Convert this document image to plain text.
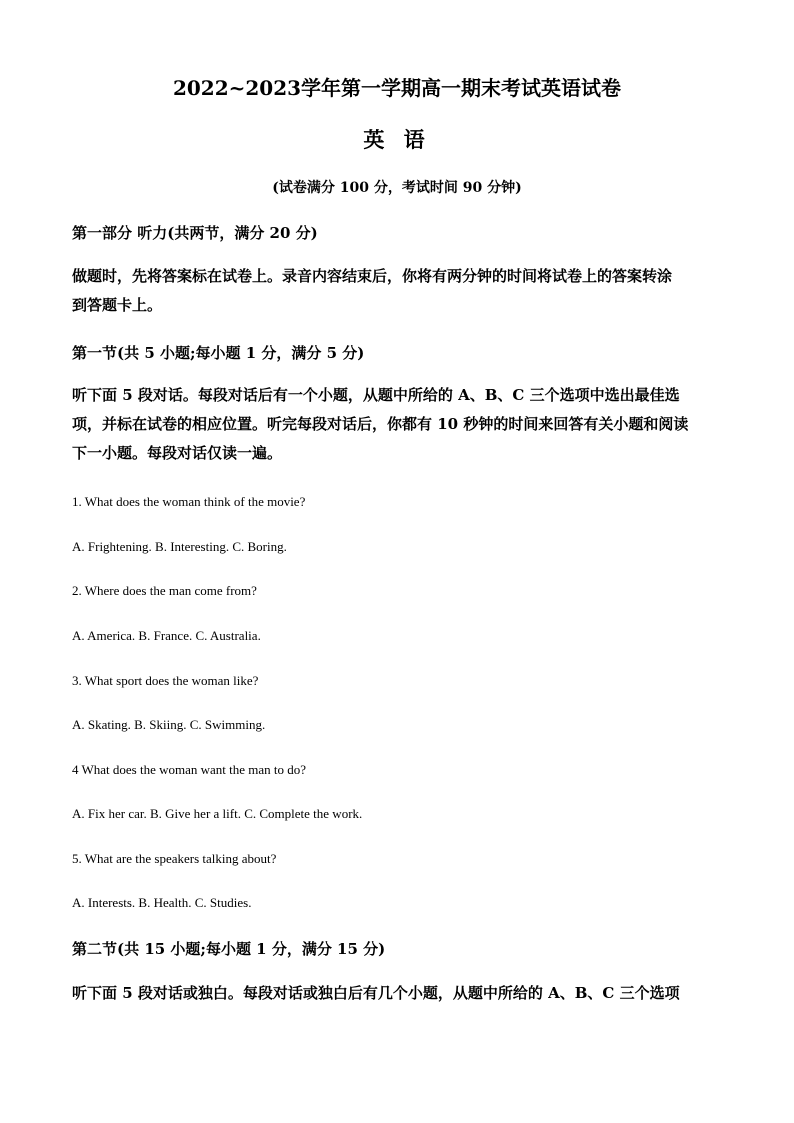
2022~2023学年第一学期高一期末考试英语试卷
英 语
(试卷满分 100 分，考试时间 90 分钟)
第一部分 听力(共两节，满分 20 分)
做题时，先将答案标在试卷上。录音内容结束后，你将有两分钟的时间将试卷上的答案转涂
到答题卡上。
第一节(共 5 小题;每小题 1 分，满分 5 分)
听下面 5 段对话。每段对话后有一个小题，从题中所给的 A、B、C 三个选项中选出最佳选
项，并标在试卷的相应位置。听完每段对话后，你都有 10 秒钟的时间来回答有关小题和阅读
下一小题。每段对话仅读一遍。
1. What does the woman think of the movie?
A. Frightening. B. Interesting. C. Boring.
2. Where does the man come from?
A. America. B. France. C. Australia.
3. What sport does the woman like?
A. Skating. B. Skiing. C. Swimming.
4 What does the woman want the man to do?
A. Fix her car. B. Give her a lift. C. Complete the work.
5. What are the speakers talking about?
A. Interests. B. Health. C. Studies.
第二节(共 15 小题;每小题 1 分，满分 15 分)
听下面 5 段对话或独白。每段对话或独白后有几个小题，从题中所给的 A、B、C 三个选项
